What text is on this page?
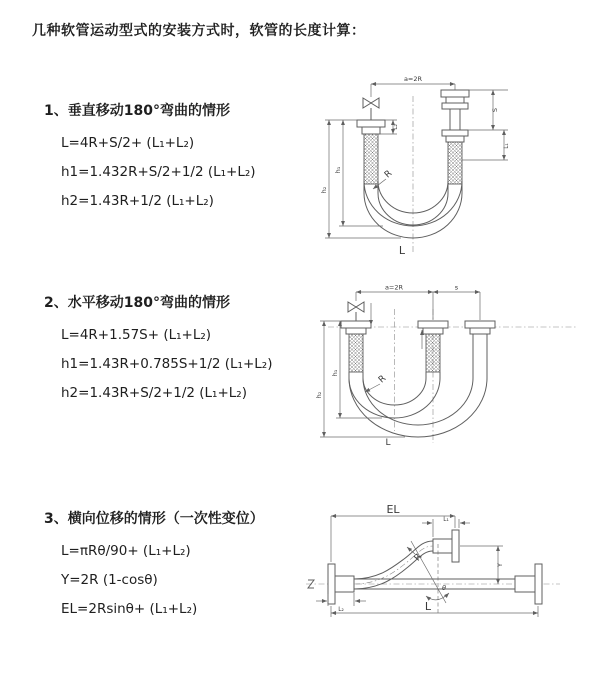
几种软管运动型式的安装方式时，软管的长度计算：
1、垂直移动180°弯曲的情形
L=4R+S/2+ (L₁+L₂)
h1=1.432R+S/2+1/2 (L₁+L₂)
h2=1.43R+1/2 (L₁+L₂)
a=2R
h₁
h₂
L₂
S
L₁
R
L
2、水平移动180°弯曲的情形
L=4R+1.57S+ (L₁+L₂)
h1=1.43R+0.785S+1/2 (L₁+L₂)
h2=1.43R+S/2+1/2 (L₁+L₂)
a=2R	s
h₁
h₂
R
L
3、横向位移的情形（一次性变位）
L=πRθ/90+ (L₁+L₂)
Y=2R (1-cosθ)
EL=2Rsinθ+ (L₁+L₂)
θ
R
EL
L₁
Y
L
L₂
